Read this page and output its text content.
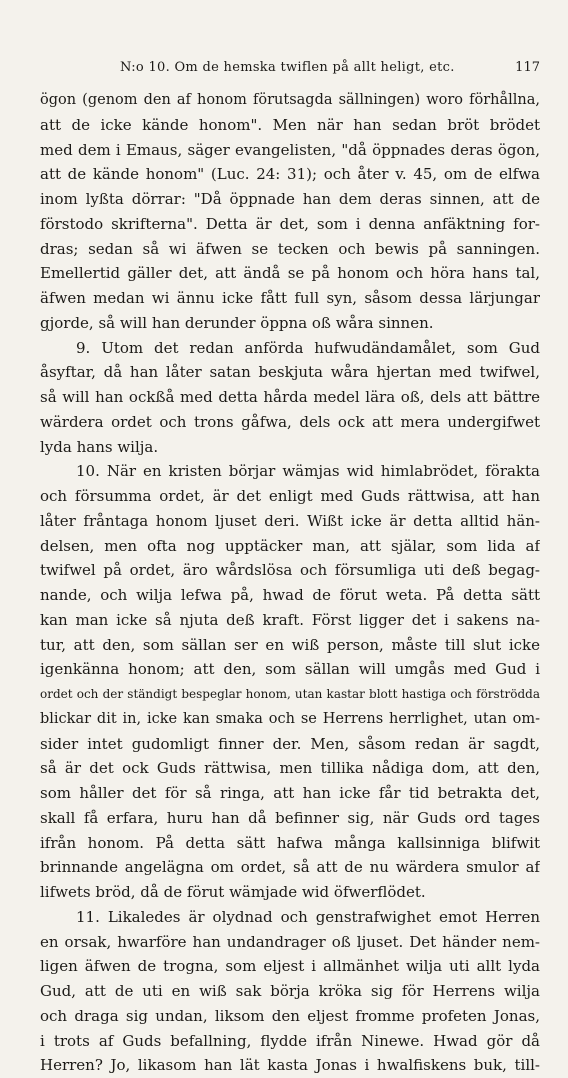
N:o 10. Om de hemska twiflen på allt heligt, etc.	117
ögon (genom den af honom förutsagda sällningen) woro förhållna,
att de icke kände honom". Men när han sedan bröt brödet
med dem i Emaus, säger evangelisten, "då öppnades deras ögon,
att de kände honom" (Luc. 24: 31); och åter v. 45, om de elfwa
inom lyßta dörrar: "Då öppnade han dem deras sinnen, att de
förstodo skrifterna". Detta är det, som i denna anfäktning for-
dras; sedan så wi äfwen se tecken och bewis på sanningen.
Emellertid gäller det, att ändå se på honom och höra hans tal,
äfwen medan wi ännu icke fått full syn, såsom dessa lärjungar
gjorde, så will han derunder öppna oß wåra sinnen.
9. Utom det redan anförda hufwudändamålet, som Gud
åsyftar, då han låter satan beskjuta wåra hjertan med twifwel,
så will han ockßå med detta hårda medel lära oß, dels att bättre
wärdera ordet och trons gåfwa, dels ock att mera undergifwet
lyda hans wilja.
10. När en kristen börjar wämjas wid himlabrödet, förakta
och försumma ordet, är det enligt med Guds rättwisa, att han
låter fråntaga honom ljuset deri. Wißt icke är detta alltid hän-
delsen, men ofta nog upptäcker man, att själar, som lida af
twifwel på ordet, äro wårdslösa och försumliga uti deß begag-
nande, och wilja lefwa på, hwad de förut weta. På detta sätt
kan man icke så njuta deß kraft. Först ligger det i sakens na-
tur, att den, som sällan ser en wiß person, måste till slut icke
igenkänna honom; att den, som sällan will umgås med Gud i
ordet och der ständigt bespeglar honom, utan kastar blott hastiga och förströdda
blickar dit in, icke kan smaka och se Herrens herrlighet, utan om-
sider intet gudomligt finner der. Men, såsom redan är sagdt,
så är det ock Guds rättwisa, men tillika nådiga dom, att den,
som håller det för så ringa, att han icke får tid betrakta det,
skall få erfara, huru han då befinner sig, när Guds ord tages
ifrån honom. På detta sätt hafwa många kallsinniga blifwit
brinnande angelägna om ordet, så att de nu wärdera smulor af
lifwets bröd, då de förut wämjade wid öfwerflödet.
11. Likaledes är olydnad och genstrafwighet emot Herren
en orsak, hwarföre han undandrager oß ljuset. Det händer nem-
ligen äfwen de trogna, som eljest i allmänhet wilja uti allt lyda
Gud, att de uti en wiß sak börja kröka sig för Herrens wilja
och draga sig undan, liksom den eljest fromme profeten Jonas,
i trots af Guds befallning, flydde ifrån Ninewe. Hwad gör då
Herren? Jo, likasom han lät kasta Jonas i hwalfiskens buk, till-
